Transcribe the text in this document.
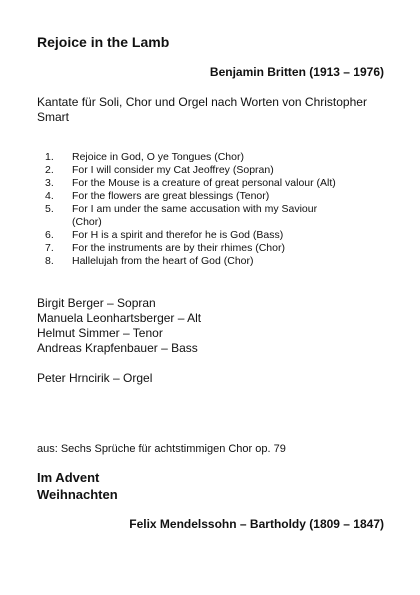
Rejoice in the Lamb
Benjamin Britten (1913 – 1976)
Kantate für Soli, Chor und Orgel nach Worten von Christopher
Smart
1.	Rejoice in God, O ye Tongues (Chor)
2.	For I will consider my Cat Jeoffrey (Sopran)
3.	For the Mouse is a creature of great personal valour (Alt)
4.	For the flowers are great blessings (Tenor)
5.	For I am under the same accusation with my Saviour
(Chor)
6.	For H is a spirit and therefor he is God (Bass)
7.	For the instruments are by their rhimes (Chor)
8.	Hallelujah from the heart of God (Chor)
Birgit Berger – Sopran
Manuela Leonhartsberger – Alt
Helmut Simmer – Tenor
Andreas Krapfenbauer – Bass
Peter Hrncirik – Orgel
aus: Sechs Sprüche für achtstimmigen Chor op. 79
Im Advent
Weihnachten
Felix Mendelssohn – Bartholdy (1809 – 1847)
